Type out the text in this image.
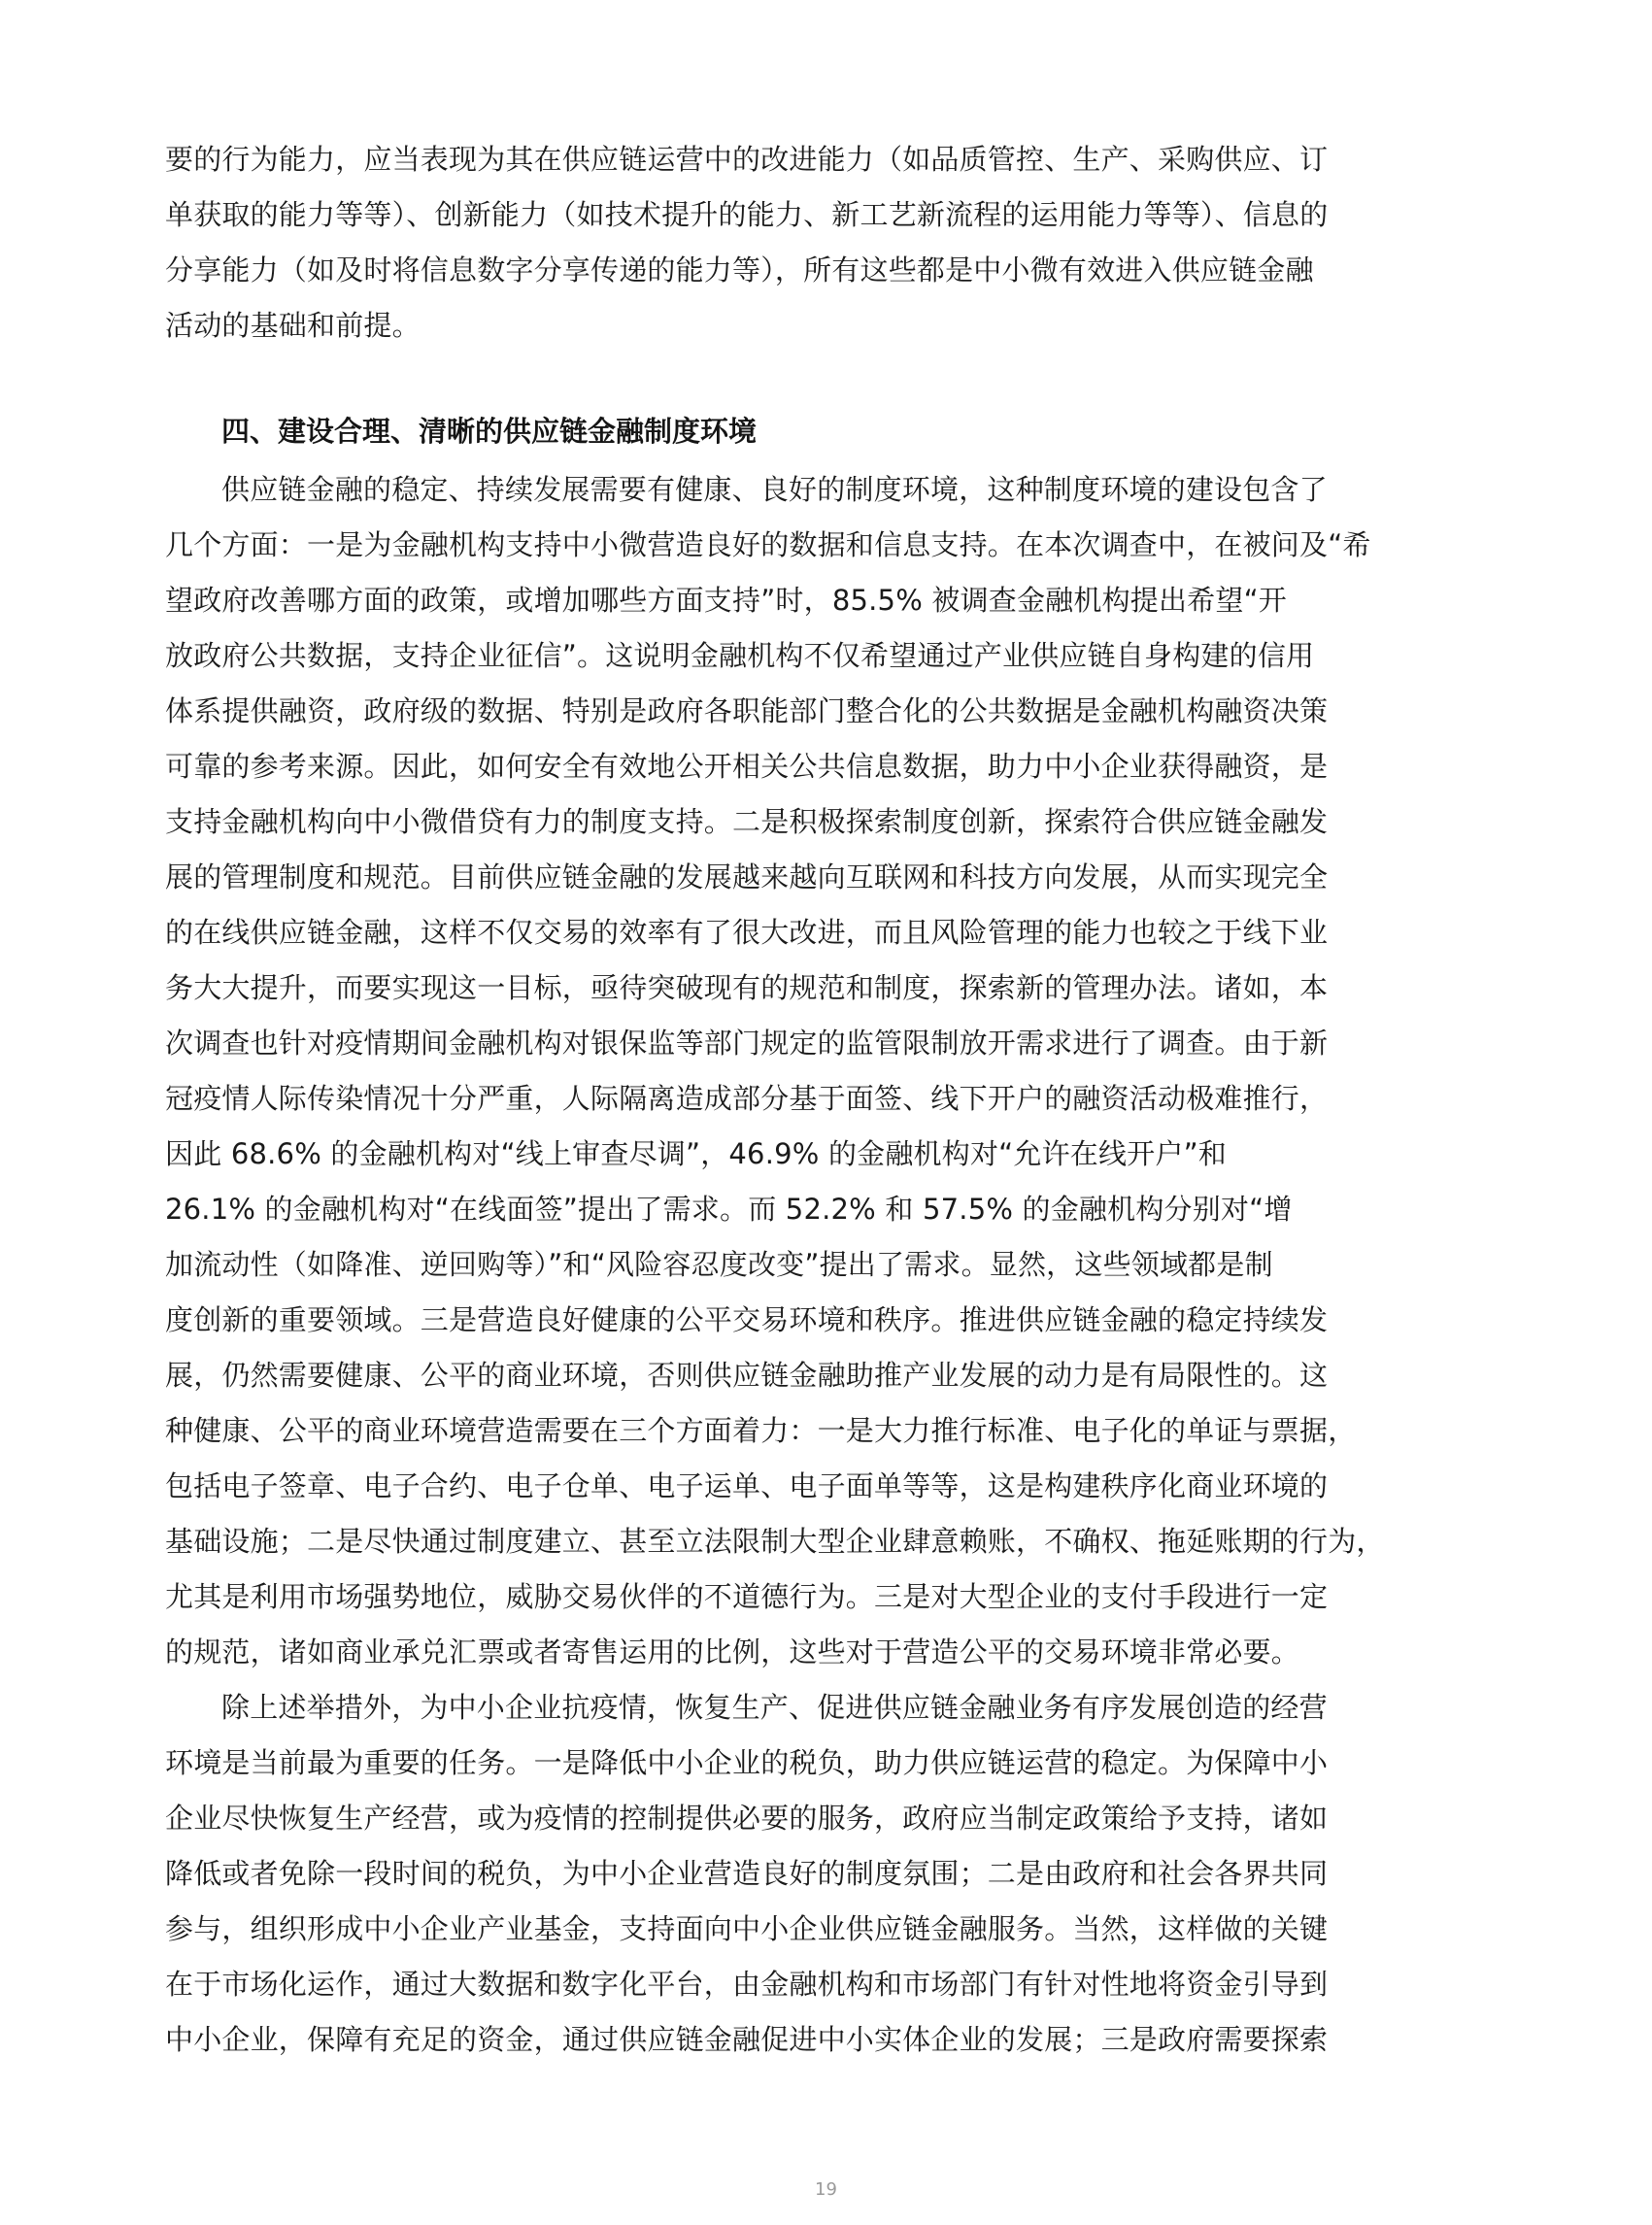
要的行为能力，应当表现为其在供应链运营中的改进能力（如品质管控、生产、采购供应、订
单获取的能力等等）、创新能力（如技术提升的能力、新工艺新流程的运用能力等等）、信息的
分享能力（如及时将信息数字分享传递的能力等），所有这些都是中小微有效进入供应链金融
活动的基础和前提。
四、建设合理、清晰的供应链金融制度环境
供应链金融的稳定、持续发展需要有健康、良好的制度环境，这种制度环境的建设包含了
几个方面：一是为金融机构支持中小微营造良好的数据和信息支持。在本次调查中，在被问及“希
望政府改善哪方面的政策，或增加哪些方面支持”时，85.5% 被调查金融机构提出希望“开
放政府公共数据，支持企业征信”。这说明金融机构不仅希望通过产业供应链自身构建的信用
体系提供融资，政府级的数据、特别是政府各职能部门整合化的公共数据是金融机构融资决策
可靠的参考来源。因此，如何安全有效地公开相关公共信息数据，助力中小企业获得融资，是
支持金融机构向中小微借贷有力的制度支持。二是积极探索制度创新，探索符合供应链金融发
展的管理制度和规范。目前供应链金融的发展越来越向互联网和科技方向发展，从而实现完全
的在线供应链金融，这样不仅交易的效率有了很大改进，而且风险管理的能力也较之于线下业
务大大提升，而要实现这一目标，亟待突破现有的规范和制度，探索新的管理办法。诸如，本
次调查也针对疫情期间金融机构对银保监等部门规定的监管限制放开需求进行了调查。由于新
冠疫情人际传染情况十分严重，人际隔离造成部分基于面签、线下开户的融资活动极难推行，
因此 68.6% 的金融机构对“线上审查尽调”，46.9% 的金融机构对“允许在线开户”和
26.1% 的金融机构对“在线面签”提出了需求。而 52.2% 和 57.5% 的金融机构分别对“增
加流动性（如降准、逆回购等）”和“风险容忍度改变”提出了需求。显然，这些领域都是制
度创新的重要领域。三是营造良好健康的公平交易环境和秩序。推进供应链金融的稳定持续发
展，仍然需要健康、公平的商业环境，否则供应链金融助推产业发展的动力是有局限性的。这
种健康、公平的商业环境营造需要在三个方面着力：一是大力推行标准、电子化的单证与票据，
包括电子签章、电子合约、电子仓单、电子运单、电子面单等等，这是构建秩序化商业环境的
基础设施；二是尽快通过制度建立、甚至立法限制大型企业肆意赖账，不确权、拖延账期的行为，
尤其是利用市场强势地位，威胁交易伙伴的不道德行为。三是对大型企业的支付手段进行一定
的规范，诸如商业承兑汇票或者寄售运用的比例，这些对于营造公平的交易环境非常必要。
除上述举措外，为中小企业抗疫情，恢复生产、促进供应链金融业务有序发展创造的经营
环境是当前最为重要的任务。一是降低中小企业的税负，助力供应链运营的稳定。为保障中小
企业尽快恢复生产经营，或为疫情的控制提供必要的服务，政府应当制定政策给予支持，诸如
降低或者免除一段时间的税负，为中小企业营造良好的制度氛围；二是由政府和社会各界共同
参与，组织形成中小企业产业基金，支持面向中小企业供应链金融服务。当然，这样做的关键
在于市场化运作，通过大数据和数字化平台，由金融机构和市场部门有针对性地将资金引导到
中小企业，保障有充足的资金，通过供应链金融促进中小实体企业的发展；三是政府需要探索
19
